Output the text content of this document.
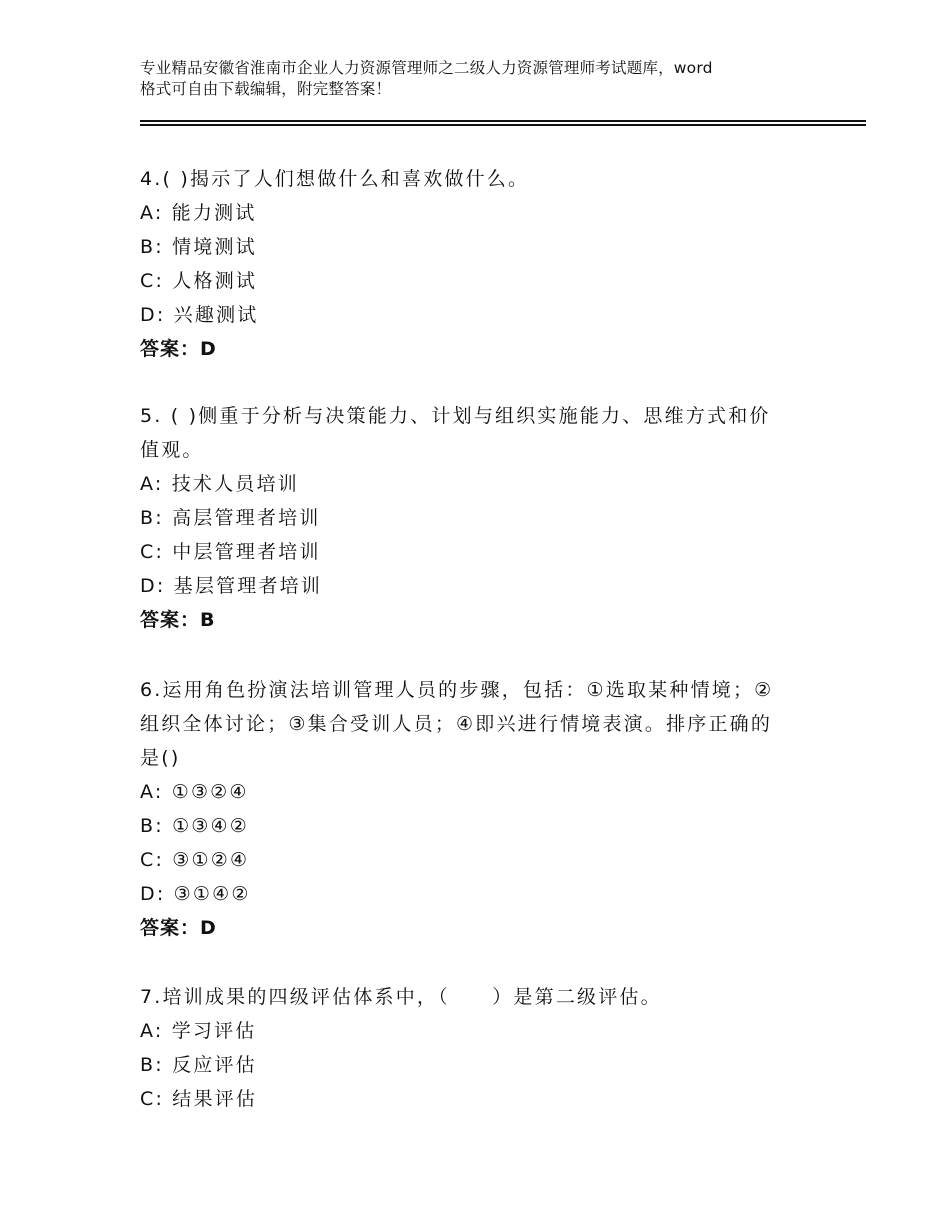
专业精品安徽省淮南市企业人力资源管理师之二级人力资源管理师考试题库，word
格式可自由下载编辑，附完整答案！
4.( )揭示了人们想做什么和喜欢做什么。
A: 能力测试
B: 情境测试
C: 人格测试
D: 兴趣测试
答案：D
5. ( )侧重于分析与决策能力、计划与组织实施能力、思维方式和价
值观。
A: 技术人员培训
B: 高层管理者培训
C: 中层管理者培训
D: 基层管理者培训
答案：B
6.运用角色扮演法培训管理人员的步骤，包括：①选取某种情境；②
组织全体讨论；③集合受训人员；④即兴进行情境表演。排序正确的
是()
A: ①③②④
B: ①③④②
C: ③①②④
D: ③①④②
答案：D
7.培训成果的四级评估体系中，（　　）是第二级评估。
A: 学习评估
B: 反应评估
C: 结果评估
